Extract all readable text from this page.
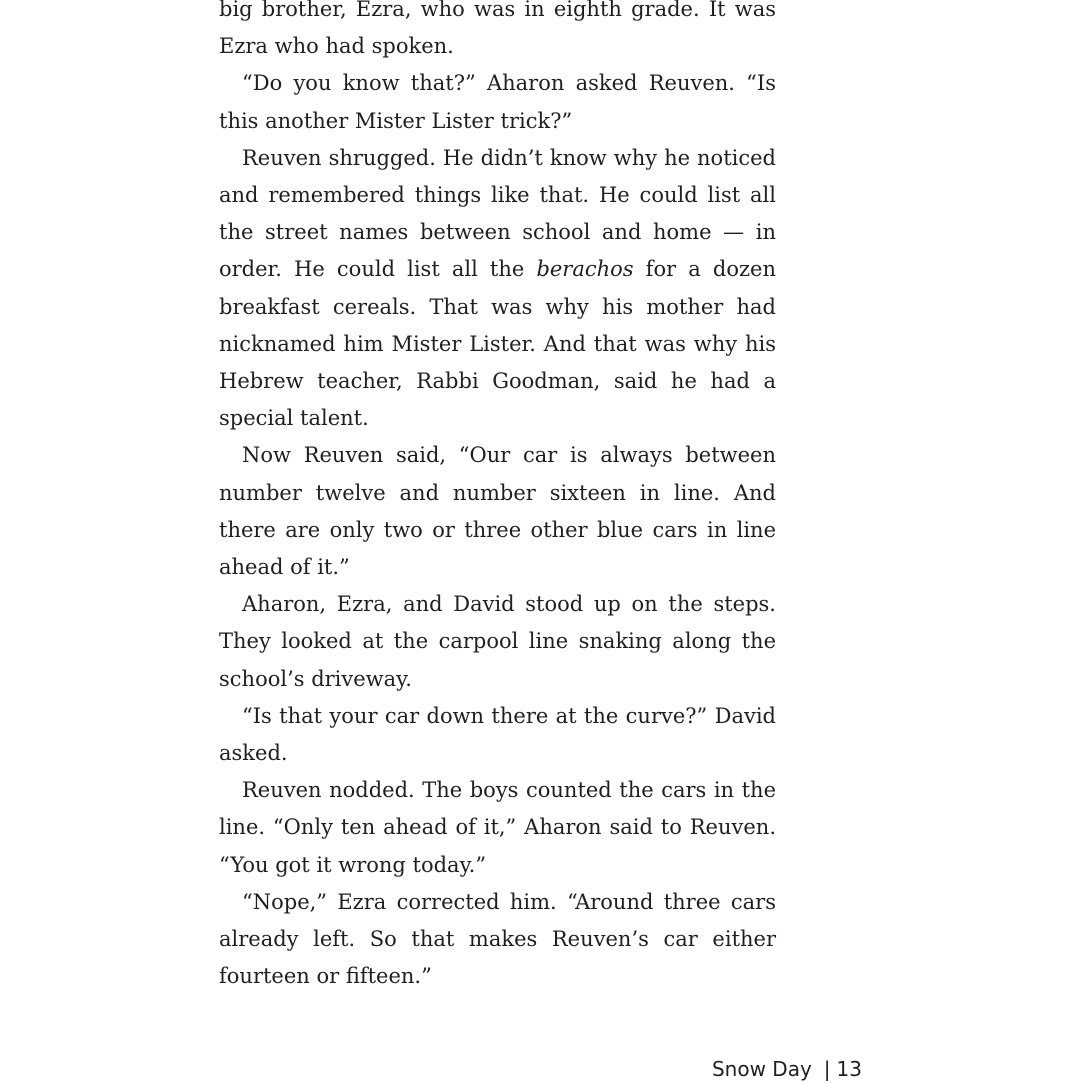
big brother, Ezra, who was in eighth grade. It was Ezra who had spoken.

“Do you know that?” Aharon asked Reuven. “Is this another Mister Lister trick?”

Reuven shrugged. He didn’t know why he noticed and remembered things like that. He could list all the street names between school and home — in order. He could list all the berachos for a dozen breakfast cereals. That was why his mother had nicknamed him Mister Lister. And that was why his Hebrew teacher, Rabbi Goodman, said he had a special talent.

Now Reuven said, “Our car is always between number twelve and number sixteen in line. And there are only two or three other blue cars in line ahead of it.”

Aharon, Ezra, and David stood up on the steps. They looked at the carpool line snaking along the school’s driveway.

“Is that your car down there at the curve?” David asked.

Reuven nodded. The boys counted the cars in the line. “Only ten ahead of it,” Aharon said to Reuven. “You got it wrong today.”

“Nope,” Ezra corrected him. “Around three cars already left. So that makes Reuven’s car either fourteen or fifteen.”

Snow Day | 13
